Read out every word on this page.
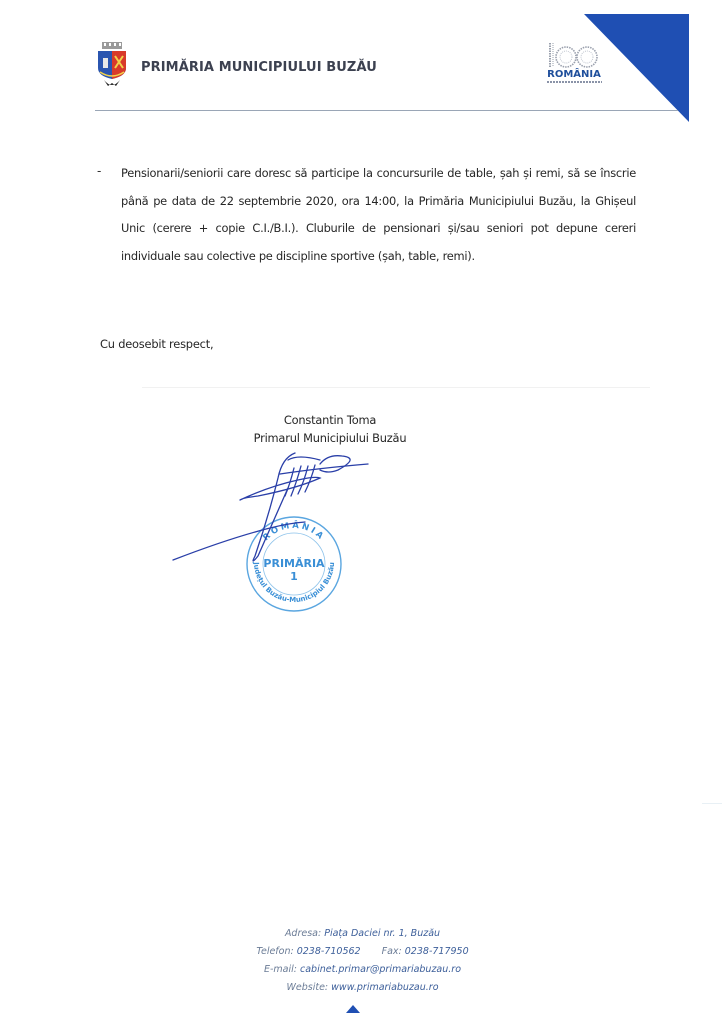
PRIMĂRIA MUNICIPIULUI BUZĂU	ROMÂNIA
- Pensionarii/seniorii care doresc să participe la concursurile de table, șah și remi, să se înscrie până pe data de 22 septembrie 2020, ora 14:00, la Primăria Municipiului Buzău, la Ghișeul Unic (cerere + copie C.I./B.I.). Cluburile de pensionari și/sau seniori pot depune cereri individuale sau colective pe discipline sportive (șah, table, remi).
Cu deosebit respect,
Constantin Toma
Primarul Municipiului Buzău
ROMÂNIA
Județul Buzău-Municipiul Buzău
PRIMĂRIA
1
Adresa: Piața Daciei nr. 1, Buzău
Telefon: 0238-710562 Fax: 0238-717950
E-mail: cabinet.primar@primariabuzau.ro
Website: www.primariabuzau.ro
